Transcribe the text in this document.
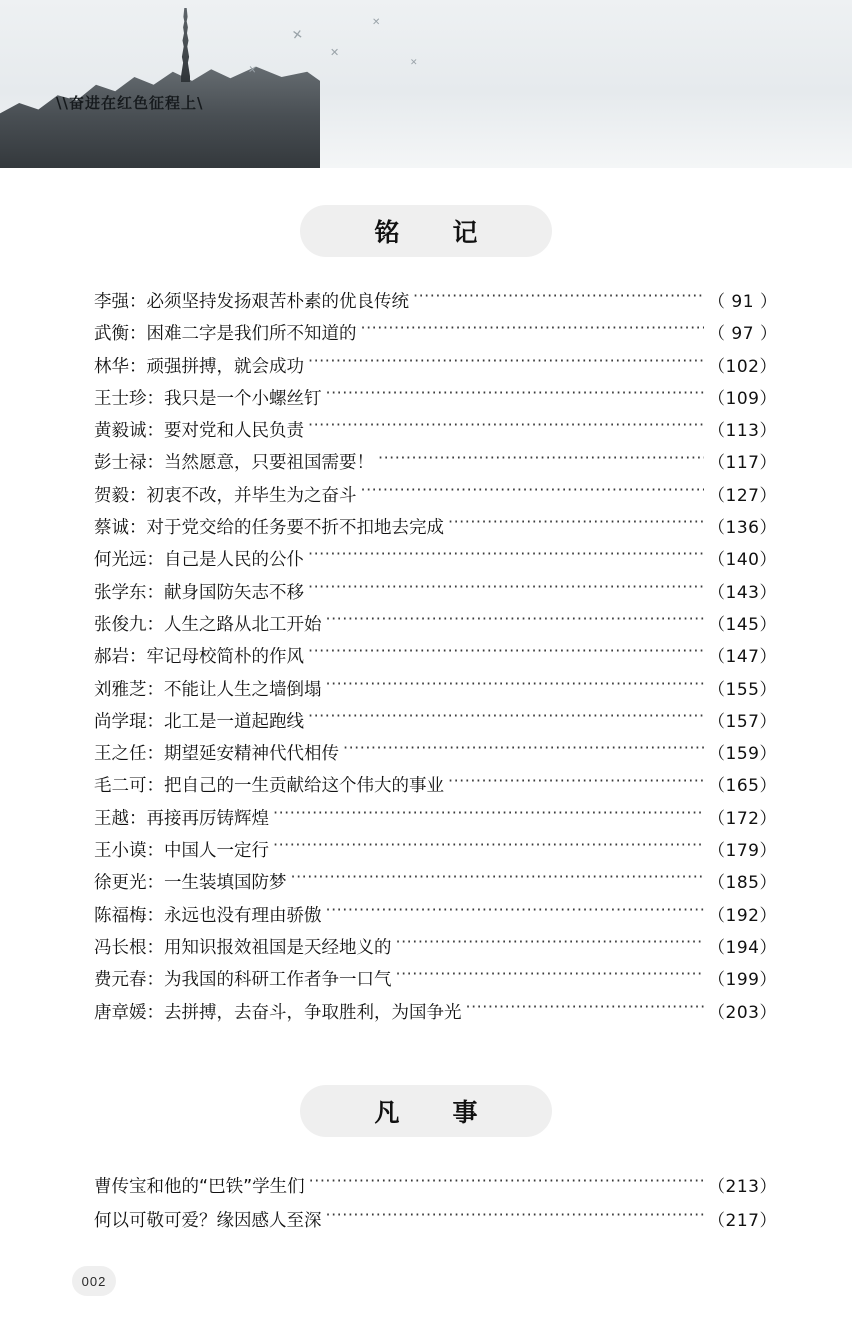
✕
✕
✕
✕
✕
\\奋进在红色征程上\
铭　记
李强：必须坚持发扬艰苦朴素的优良传统 ·····	（ 91 ）
武衡：困难二字是我们所不知道的 ·····	（ 97 ）
林华：顽强拼搏，就会成功 ·····	（102）
王士珍：我只是一个小螺丝钉 ·····	（109）
黄毅诚：要对党和人民负责 ·····	（113）
彭士禄：当然愿意，只要祖国需要！ ·····	（117）
贺毅：初衷不改，并毕生为之奋斗 ·····	（127）
蔡诚：对于党交给的任务要不折不扣地去完成 ·····	（136）
何光远：自己是人民的公仆 ·····	（140）
张学东：献身国防矢志不移 ·····	（143）
张俊九：人生之路从北工开始 ·····	（145）
郝岩：牢记母校简朴的作风 ·····	（147）
刘雅芝：不能让人生之墙倒塌 ·····	（155）
尚学琨：北工是一道起跑线 ·····	（157）
王之任：期望延安精神代代相传 ·····	（159）
毛二可：把自己的一生贡献给这个伟大的事业 ·····	（165）
王越：再接再厉铸辉煌 ·····	（172）
王小谟：中国人一定行 ·····	（179）
徐更光：一生装填国防梦 ·····	（185）
陈福梅：永远也没有理由骄傲 ·····	（192）
冯长根：用知识报效祖国是天经地义的 ·····	（194）
费元春：为我国的科研工作者争一口气 ·····	（199）
唐章媛：去拼搏，去奋斗，争取胜利，为国争光 ·····	（203）
凡　事
曹传宝和他的“巴铁”学生们 ·····	（213）
何以可敬可爱？缘因感人至深 ·····	（217）
002
